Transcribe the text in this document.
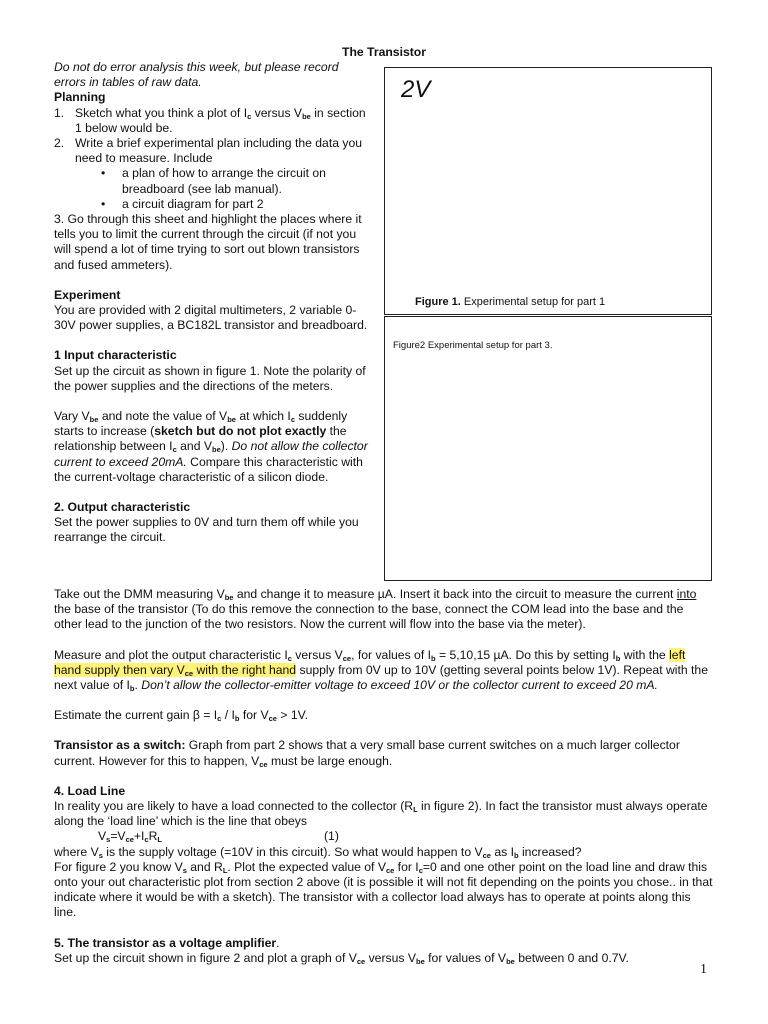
The Transistor

Do not do error analysis this week, but please record errors in tables of raw data.

Planning

1. Sketch what you think a plot of $I_c$ versus $V_{be}$ in section 1 below would be.
2. Write a brief experimental plan including the data you need to measure. Include
• a plan of how to arrange the circuit on breadboard (see lab manual).
• a circuit diagram for part 2

3. Go through this sheet and highlight the places where it tells you to limit the current through the circuit (if not you will spend a lot of time trying to sort out blown transistors and fused ammeters).

Experiment

You are provided with 2 digital multimeters, 2 variable 0-30V power supplies, a BC182L transistor and breadboard.

1 Input characteristic

Set up the circuit as shown in figure 1. Note the polarity of the power supplies and the directions of the meters.

Vary $V_{be}$ and note the value of $V_{be}$ at which $I_c$ suddenly starts to increase (sketch but do not plot exactly the relationship between $I_c$ and $V_{be}$). Do not allow the collector current to exceed 20mA. Compare this characteristic with the current-voltage characteristic of a silicon diode.

2. Output characteristic

Set the power supplies to 0V and turn them off while you rearrange the circuit.

2V
Figure 1. Experimental setup for part 1
Figure2 Experimental setup for part 3.

Take out the DMM measuring $V_{be}$ and change it to measure µA. Insert it back into the circuit to measure the current into the base of the transistor (To do this remove the connection to the base, connect the COM lead into the base and the other lead to the junction of the two resistors. Now the current will flow into the base via the meter).

Measure and plot the output characteristic $I_c$ versus $V_{ce}$, for values of $I_b = 5,10,15$ µA. Do this by setting $I_b$ with the left hand supply then vary $V_{ce}$ with the right hand supply from 0V up to 10V (getting several points below 1V). Repeat with the next value of $I_b$. Don’t allow the collector-emitter voltage to exceed 10V or the collector current to exceed 20 mA.

Estimate the current gain $\beta = I_c / I_b$ for $V_{ce} > 1V$.

Transistor as a switch: Graph from part 2 shows that a very small base current switches on a much larger collector current. However for this to happen, $V_{ce}$ must be large enough.

4. Load Line

In reality you are likely to have a load connected to the collector ($R_L$ in figure 2). In fact the transistor must always operate along the ‘load line’ which is the line that obeys

$V_s=V_{ce}+I_cR_L$	(1)

where $V_s$ is the supply voltage (=10V in this circuit). So what would happen to $V_{ce}$ as $I_b$ increased?

For figure 2 you know $V_s$ and $R_L$. Plot the expected value of $V_{ce}$ for $I_c=0$ and one other point on the load line and draw this onto your out characteristic plot from section 2 above (it is possible it will not fit depending on the points you chose.. in that indicate where it would be with a sketch). The transistor with a collector load always has to operate at points along this line.

5. The transistor as a voltage amplifier.

Set up the circuit shown in figure 2 and plot a graph of $V_{ce}$ versus $V_{be}$ for values of $V_{be}$ between 0 and 0.7V.

1
